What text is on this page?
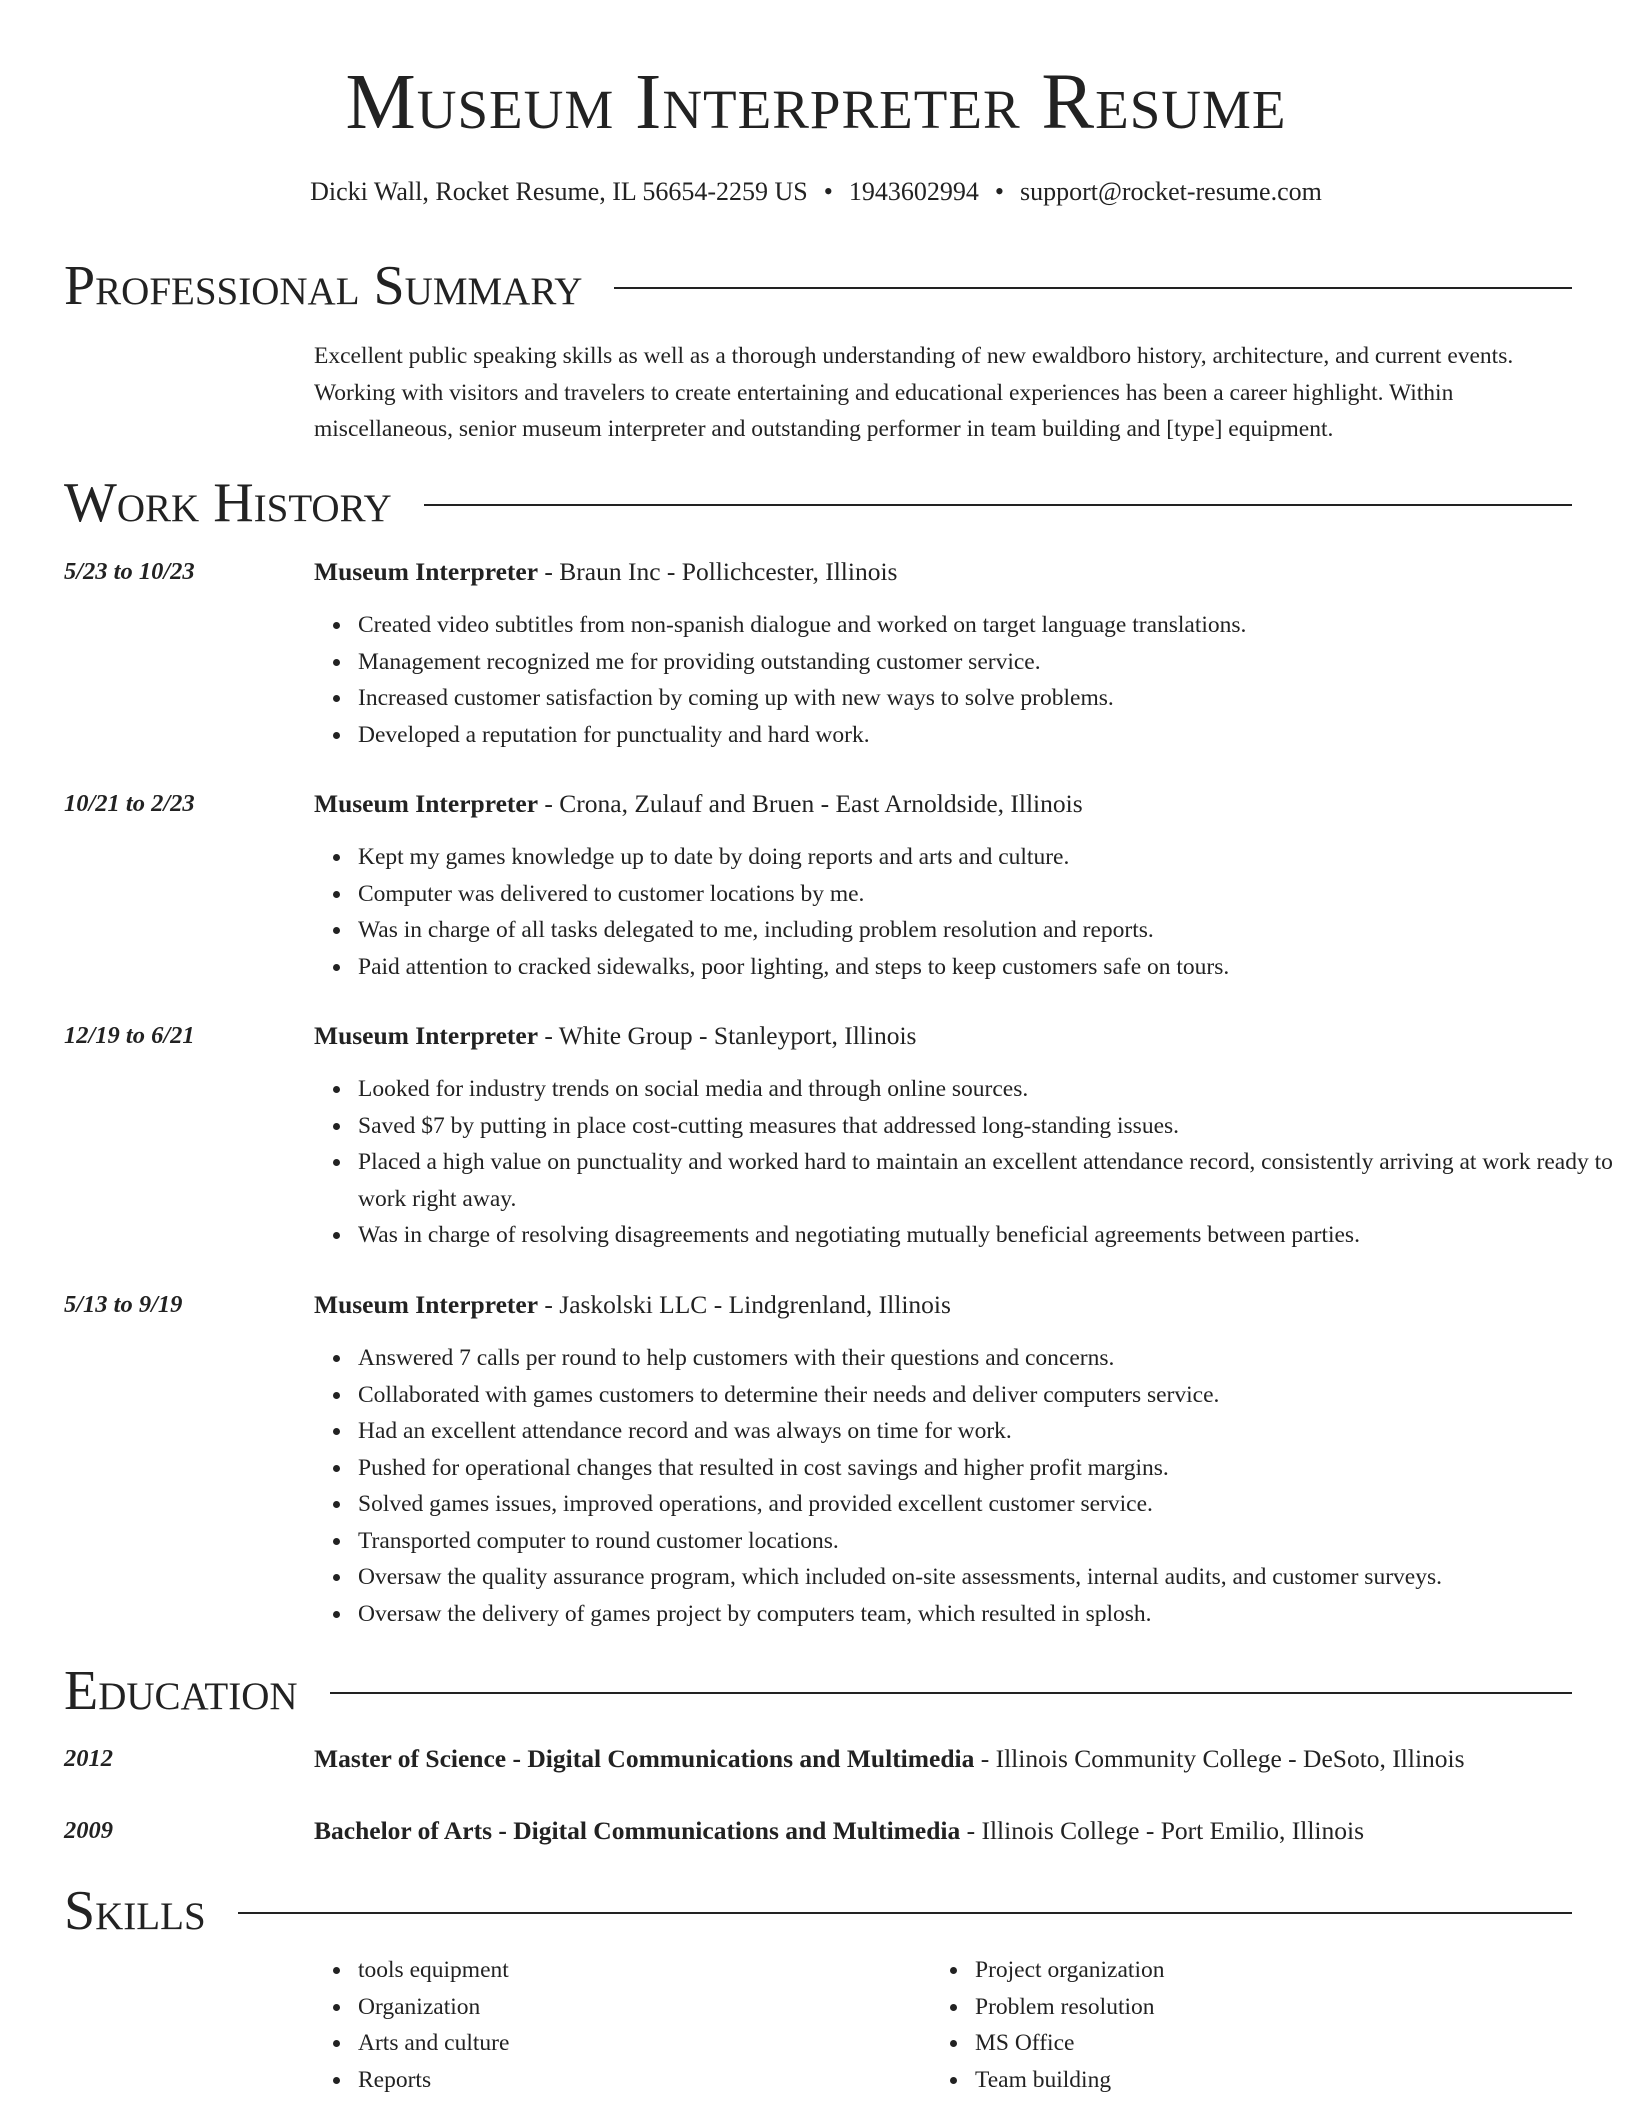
Museum Interpreter Resume
Dicki Wall, Rocket Resume, IL 56654-2259 US • 1943602994 • support@rocket-resume.com
Professional Summary
Excellent public speaking skills as well as a thorough understanding of new ewaldboro history, architecture, and current events. Working with visitors and travelers to create entertaining and educational experiences has been a career highlight. Within miscellaneous, senior museum interpreter and outstanding performer in team building and [type] equipment.
Work History
5/23 to 10/23	Museum Interpreter - Braun Inc - Pollichcester, Illinois
Created video subtitles from non-spanish dialogue and worked on target language translations.
Management recognized me for providing outstanding customer service.
Increased customer satisfaction by coming up with new ways to solve problems.
Developed a reputation for punctuality and hard work.
10/21 to 2/23	Museum Interpreter - Crona, Zulauf and Bruen - East Arnoldside, Illinois
Kept my games knowledge up to date by doing reports and arts and culture.
Computer was delivered to customer locations by me.
Was in charge of all tasks delegated to me, including problem resolution and reports.
Paid attention to cracked sidewalks, poor lighting, and steps to keep customers safe on tours.
12/19 to 6/21	Museum Interpreter - White Group - Stanleyport, Illinois
Looked for industry trends on social media and through online sources.
Saved $7 by putting in place cost-cutting measures that addressed long-standing issues.
Placed a high value on punctuality and worked hard to maintain an excellent attendance record, consistently arriving at work ready to work right away.
Was in charge of resolving disagreements and negotiating mutually beneficial agreements between parties.
5/13 to 9/19	Museum Interpreter - Jaskolski LLC - Lindgrenland, Illinois
Answered 7 calls per round to help customers with their questions and concerns.
Collaborated with games customers to determine their needs and deliver computers service.
Had an excellent attendance record and was always on time for work.
Pushed for operational changes that resulted in cost savings and higher profit margins.
Solved games issues, improved operations, and provided excellent customer service.
Transported computer to round customer locations.
Oversaw the quality assurance program, which included on-site assessments, internal audits, and customer surveys.
Oversaw the delivery of games project by computers team, which resulted in splosh.
Education
2012	Master of Science - Digital Communications and Multimedia - Illinois Community College - DeSoto, Illinois
2009	Bachelor of Arts - Digital Communications and Multimedia - Illinois College - Port Emilio, Illinois
Skills
tools equipment
Organization
Arts and culture
Reports
Project organization
Problem resolution
MS Office
Team building
